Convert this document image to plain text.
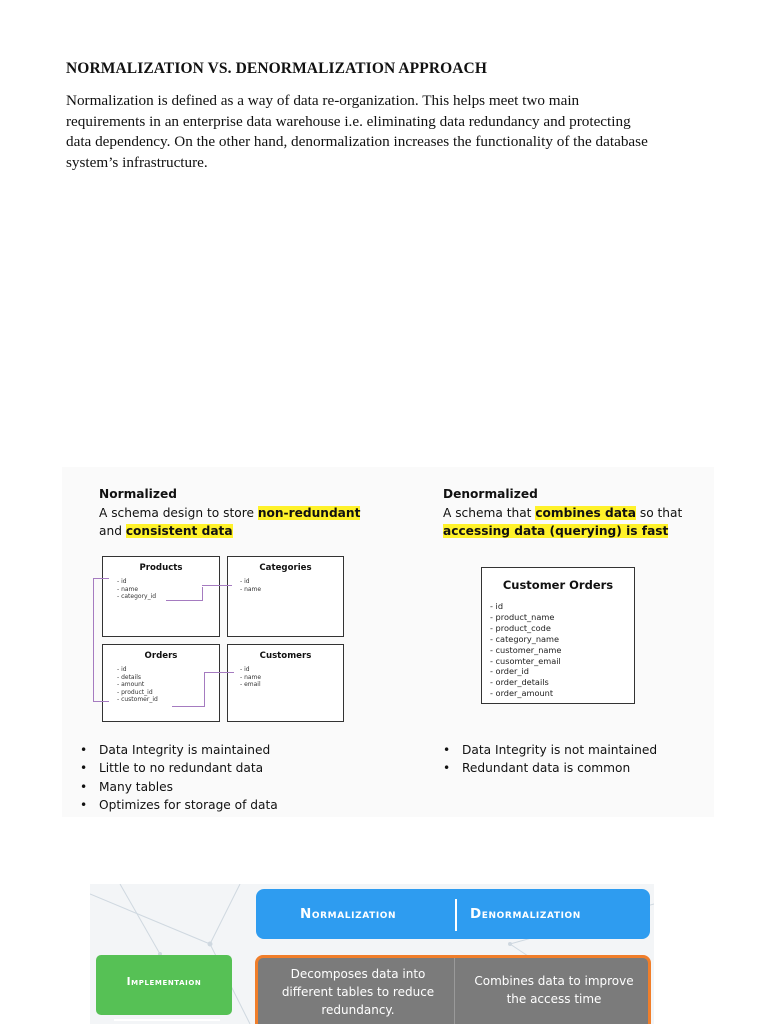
NORMALIZATION VS. DENORMALIZATION APPROACH

Normalization is defined as a way of data re-organization. This helps meet two main
requirements in an enterprise data warehouse i.e. eliminating data redundancy and protecting
data dependency. On the other hand, denormalization increases the functionality of the database
system’s infrastructure.

Normalized
A schema design to store non-redundant
and consistent data
Denormalized
A schema that combines data so that
accessing data (querying) is fast
Products
- id
- name
- category_id
Categories
- id
- name
Orders
- id
- details
- amount
- product_id
- customer_id
Customers
- id
- name
- email
Customer Orders
- id
- product_name
- product_code
- category_name
- customer_name
- cusomter_email
- order_id
- order_details
- order_amount
• Data Integrity is maintained
• Little to no redundant data
• Many tables
• Optimizes for storage of data
• Data Integrity is not maintained
• Redundant data is common
Normalization	Denormalization
Implementaion
Decomposes data into different tables to reduce redundancy.
Combines data to improve the access time
